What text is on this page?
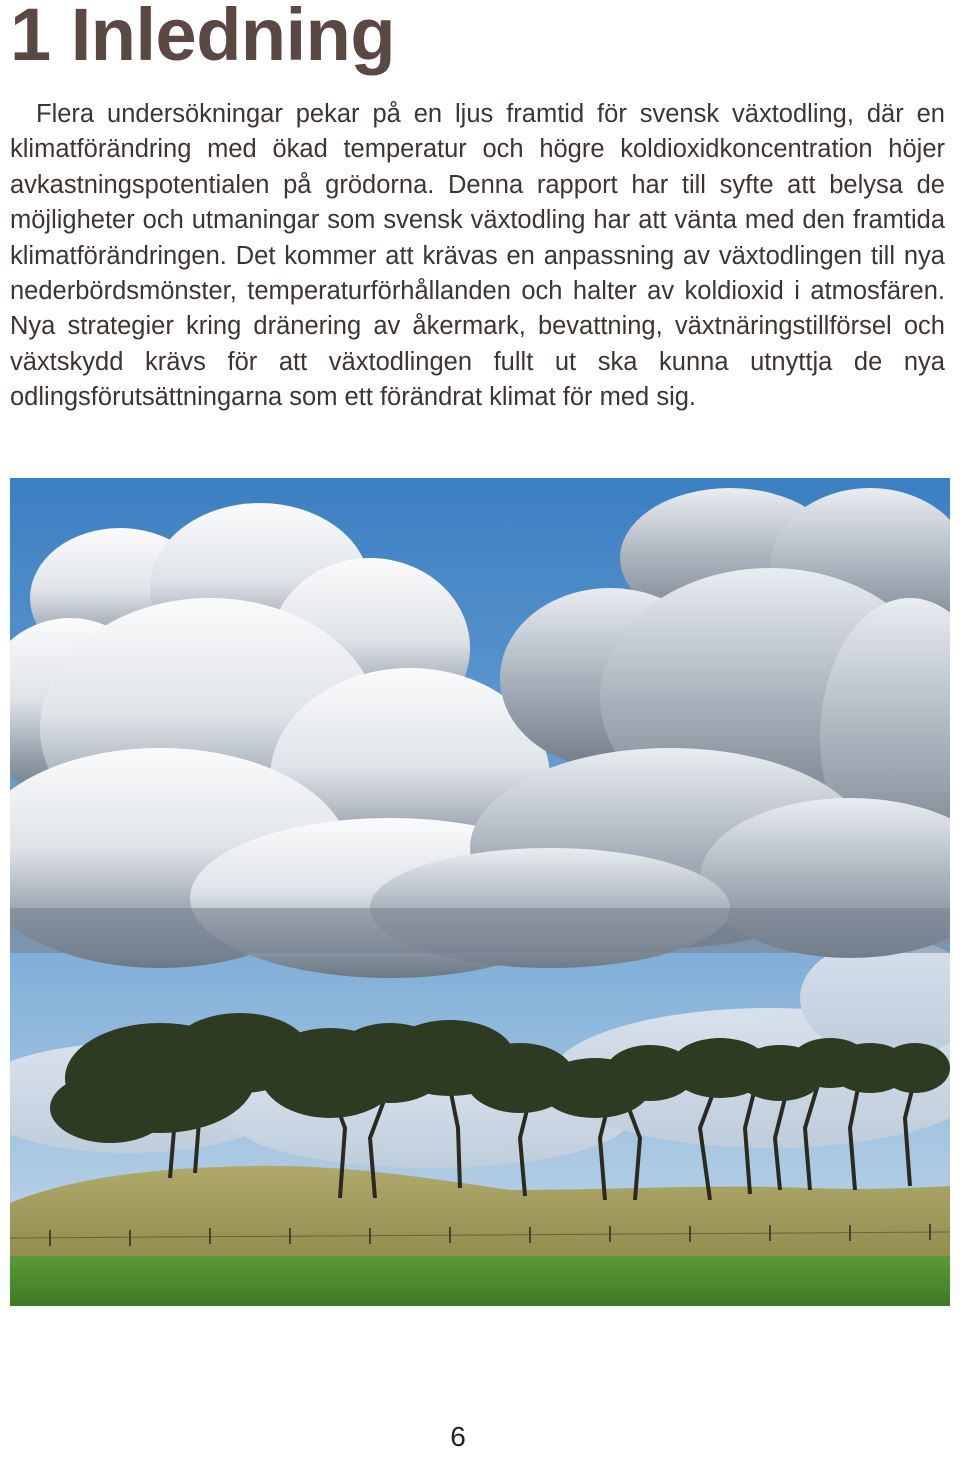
1 Inledning

Flera undersökningar pekar på en ljus framtid för svensk växtodling, där en klimatförändring med ökad temperatur och högre koldioxidkoncentration höjer avkastningspotentialen på grödorna. Denna rapport har till syfte att belysa de möjligheter och utmaningar som svensk växtodling har att vänta med den framtida klimatförändringen. Det kommer att krävas en anpassning av växtodlingen till nya nederbördsmönster, temperaturförhållanden och halter av koldioxid i atmosfären. Nya strategier kring dränering av åkermark, bevattning, växtnäringstillförsel och växtskydd krävs för att växtodlingen fullt ut ska kunna utnyttja de nya odlingsförutsättningarna som ett förändrat klimat för med sig.

6
